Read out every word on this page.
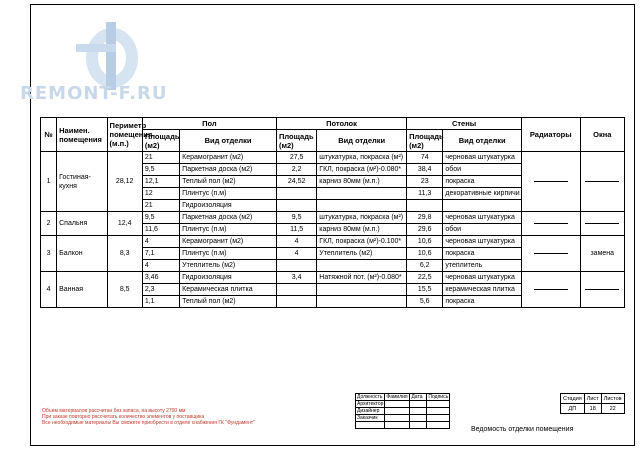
REMONT-F.RU
№	Наимен. помещения	Периметр помещения (м.п.)	Пол		Потолок		Стены		Радиаторы	Окна
			Площадь (м2)	Вид отделки	Площадь (м2)	Вид отделки	Площадь (м2)	Вид отделки		
1	Гостиная-кухня	28,12	21	Керамогранит (м2)	27,5	штукатурка, покраска (м²)	74	черновая штукатурка		
			9,5	Паркетная доска (м2)	2,2	ГКЛ, покраска (м²)-0.080*	38,4	обои		
			12,1	Теплый пол (м2)	24,52	карниз 80мм (м.п.)	23	покраска		
			12	Плинтус (п.м)			11,3	декоративные кирпичи		
			21	Гидроизоляция						
2	Спальня	12,4	9,5	Паркетная доска (м2)	9,5	штукатурка, покраска (м²)	29,8	черновая штукатурка		
			11,6	Плинтус (п.м)	11,5	карниз 80мм (м.п.)	29,6	обои		
3	Балкон	8,3	4	Керамогранит (м2)	4	ГКЛ, покраска (м²)-0.100*	10,6	черновая штукатурка		замена
			7,1	Плинтус (п.м)	4	Утеплитель (м2)	10,6	покраска		
			4	Утеплитель (м2)			6,2	утеплитель		
4	Ванная	8,5	3,46	Гидроизоляция	3,4	Натяжной пот. (м²)-0.080*	22,5	черновая штукатурка		
			2,3	Керамическая плитка			15,5	керамическая плитка		
			1,1	Теплый пол (м2)			5,6	покраска		
Объем материалов рассчитан без запаса, на высоту 2700 мм
При заказе повторно рассчитать количество элементов у поставщика
Все необходимые материалы Вы сможете приобрести в отделе снабжения ГК "Фундамент"
Должность	Фамилия	Дата	Подпись
Архитектор			
Дизайнер			
Заказчик			

Стадия	Лист	Листов
ДП	18	22
Ведомость отделки помещения
